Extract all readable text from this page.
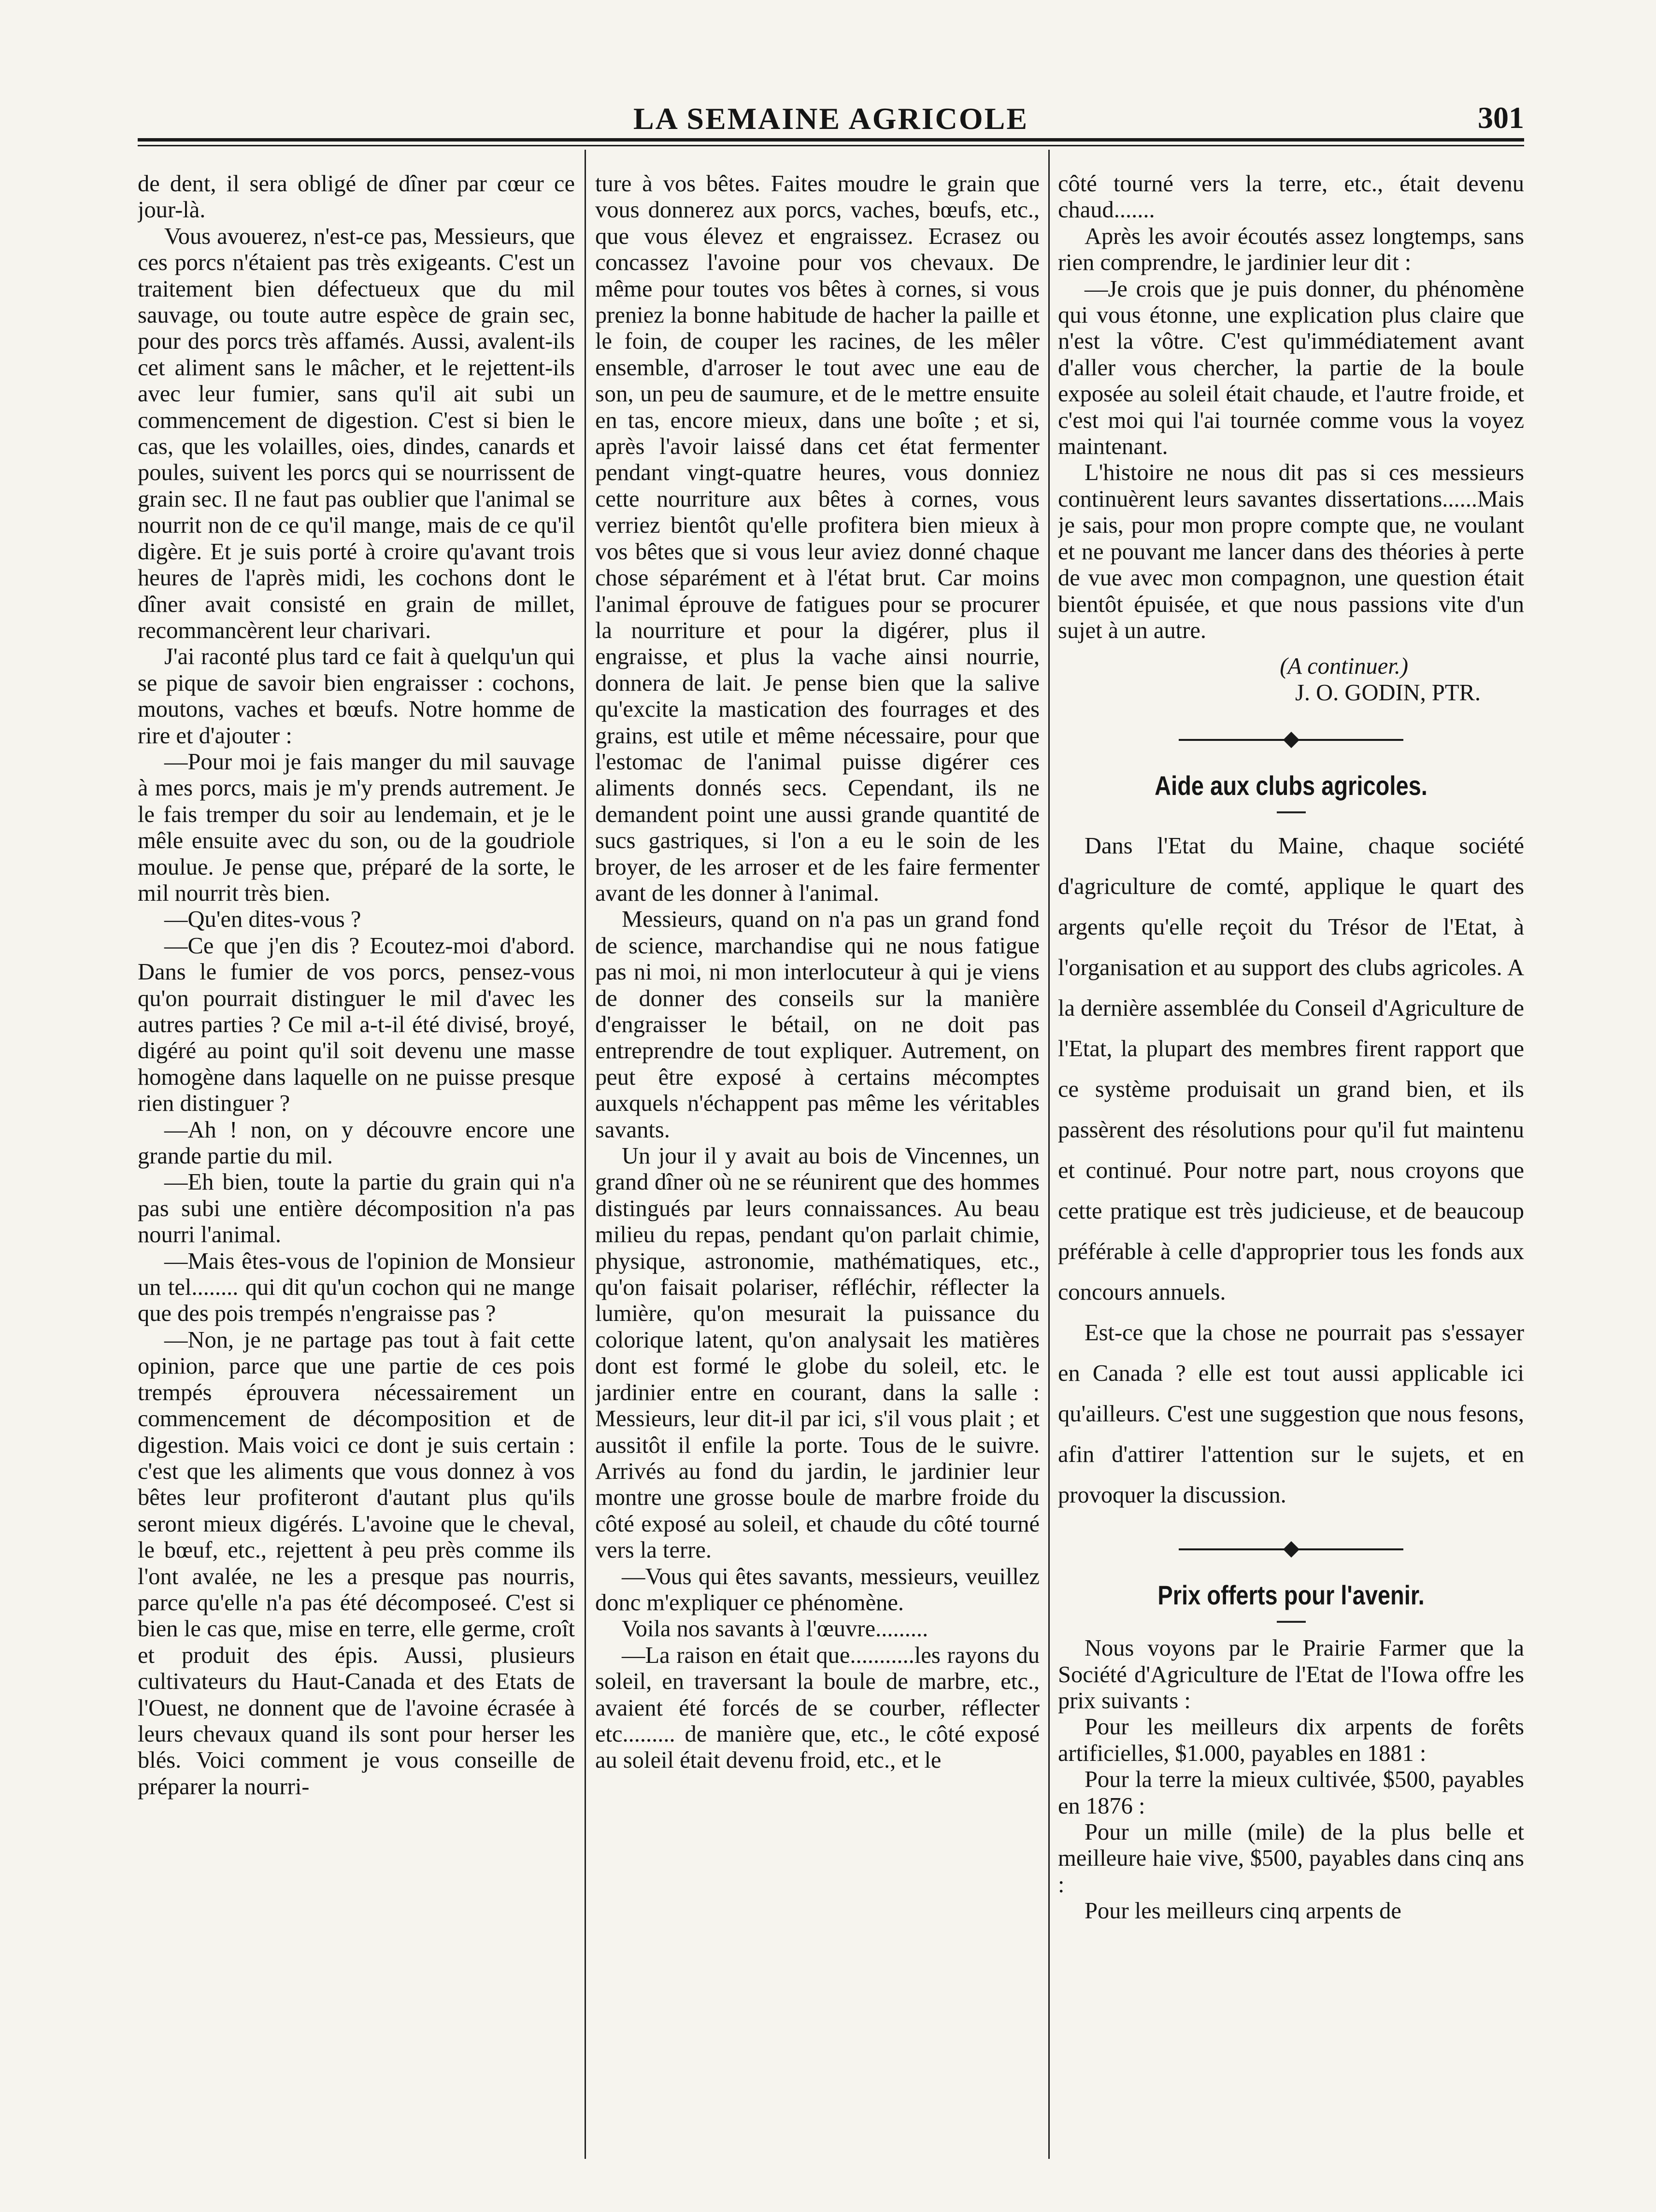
LA SEMAINE AGRICOLE	301

de dent, il sera obligé de dîner par cœur ce jour-là.

Vous avouerez, n'est-ce pas, Messieurs, que ces porcs n'étaient pas très exigeants. C'est un traitement bien défectueux que du mil sauvage, ou toute autre espèce de grain sec, pour des porcs très affamés. Aussi, avalent-ils cet aliment sans le mâcher, et le rejettent-ils avec leur fumier, sans qu'il ait subi un commencement de digestion. C'est si bien le cas, que les volailles, oies, dindes, canards et poules, suivent les porcs qui se nourrissent de grain sec. Il ne faut pas oublier que l'animal se nourrit non de ce qu'il mange, mais de ce qu'il digère. Et je suis porté à croire qu'avant trois heures de l'après midi, les cochons dont le dîner avait consisté en grain de millet, recommancèrent leur charivari.

J'ai raconté plus tard ce fait à quelqu'un qui se pique de savoir bien engraisser : cochons, moutons, vaches et bœufs. Notre homme de rire et d'ajouter :

—Pour moi je fais manger du mil sauvage à mes porcs, mais je m'y prends autrement. Je le fais tremper du soir au lendemain, et je le mêle ensuite avec du son, ou de la goudriole moulue. Je pense que, préparé de la sorte, le mil nourrit très bien.

—Qu'en dites-vous ?

—Ce que j'en dis ? Ecoutez-moi d'abord. Dans le fumier de vos porcs, pensez-vous qu'on pourrait distinguer le mil d'avec les autres parties ? Ce mil a-t-il été divisé, broyé, digéré au point qu'il soit devenu une masse homogène dans laquelle on ne puisse presque rien distinguer ?

—Ah ! non, on y découvre encore une grande partie du mil.

—Eh bien, toute la partie du grain qui n'a pas subi une entière décomposition n'a pas nourri l'animal.

—Mais êtes-vous de l'opinion de Monsieur un tel........ qui dit qu'un cochon qui ne mange que des pois trempés n'engraisse pas ?

—Non, je ne partage pas tout à fait cette opinion, parce que une partie de ces pois trempés éprouvera nécessairement un commencement de décomposition et de digestion. Mais voici ce dont je suis certain : c'est que les aliments que vous donnez à vos bêtes leur profiteront d'autant plus qu'ils seront mieux digérés. L'avoine que le cheval, le bœuf, etc., rejettent à peu près comme ils l'ont avalée, ne les a presque pas nourris, parce qu'elle n'a pas été décomposeé. C'est si bien le cas que, mise en terre, elle germe, croît et produit des épis. Aussi, plusieurs cultivateurs du Haut-Canada et des Etats de l'Ouest, ne donnent que de l'avoine écrasée à leurs chevaux quand ils sont pour herser les blés. Voici comment je vous conseille de préparer la nourri-

ture à vos bêtes. Faites moudre le grain que vous donnerez aux porcs, vaches, bœufs, etc., que vous élevez et engraissez. Ecrasez ou concassez l'avoine pour vos chevaux. De même pour toutes vos bêtes à cornes, si vous preniez la bonne habitude de hacher la paille et le foin, de couper les racines, de les mêler ensemble, d'arroser le tout avec une eau de son, un peu de saumure, et de le mettre ensuite en tas, encore mieux, dans une boîte ; et si, après l'avoir laissé dans cet état fermenter pendant vingt-quatre heures, vous donniez cette nourriture aux bêtes à cornes, vous verriez bientôt qu'elle profitera bien mieux à vos bêtes que si vous leur aviez donné chaque chose séparément et à l'état brut. Car moins l'animal éprouve de fatigues pour se procurer la nourriture et pour la digérer, plus il engraisse, et plus la vache ainsi nourrie, donnera de lait. Je pense bien que la salive qu'excite la mastication des fourrages et des grains, est utile et même nécessaire, pour que l'estomac de l'animal puisse digérer ces aliments donnés secs. Cependant, ils ne demandent point une aussi grande quantité de sucs gastriques, si l'on a eu le soin de les broyer, de les arroser et de les faire fermenter avant de les donner à l'animal.

Messieurs, quand on n'a pas un grand fond de science, marchandise qui ne nous fatigue pas ni moi, ni mon interlocuteur à qui je viens de donner des conseils sur la manière d'engraisser le bétail, on ne doit pas entreprendre de tout expliquer. Autrement, on peut être exposé à certains mécomptes auxquels n'échappent pas même les véritables savants.

Un jour il y avait au bois de Vincennes, un grand dîner où ne se réunirent que des hommes distingués par leurs connaissances. Au beau milieu du repas, pendant qu'on parlait chimie, physique, astronomie, mathématiques, etc., qu'on faisait polariser, réfléchir, réflecter la lumière, qu'on mesurait la puissance du colorique latent, qu'on analysait les matières dont est formé le globe du soleil, etc. le jardinier entre en courant, dans la salle : Messieurs, leur dit-il par ici, s'il vous plait ; et aussitôt il enfile la porte. Tous de le suivre. Arrivés au fond du jardin, le jardinier leur montre une grosse boule de marbre froide du côté exposé au soleil, et chaude du côté tourné vers la terre.

—Vous qui êtes savants, messieurs, veuillez donc m'expliquer ce phénomène.

Voila nos savants à l'œuvre.........

—La raison en était que...........les rayons du soleil, en traversant la boule de marbre, etc., avaient été forcés de se courber, réflecter etc......... de manière que, etc., le côté exposé au soleil était devenu froid, etc., et le

côté tourné vers la terre, etc., était devenu chaud.......

Après les avoir écoutés assez longtemps, sans rien comprendre, le jardinier leur dit :

—Je crois que je puis donner, du phénomène qui vous étonne, une explication plus claire que n'est la vôtre. C'est qu'immédiatement avant d'aller vous chercher, la partie de la boule exposée au soleil était chaude, et l'autre froide, et c'est moi qui l'ai tournée comme vous la voyez maintenant.

L'histoire ne nous dit pas si ces messieurs continuèrent leurs savantes dissertations......Mais je sais, pour mon propre compte que, ne voulant et ne pouvant me lancer dans des théories à perte de vue avec mon compagnon, une question était bientôt épuisée, et que nous passions vite d'un sujet à un autre.

(A continuer.)

J. O. GODIN, PTR.

Aide aux clubs agricoles.

Dans l'Etat du Maine, chaque société d'agriculture de comté, applique le quart des argents qu'elle reçoit du Trésor de l'Etat, à l'organisation et au support des clubs agricoles. A la dernière assemblée du Conseil d'Agriculture de l'Etat, la plupart des membres firent rapport que ce système produisait un grand bien, et ils passèrent des résolutions pour qu'il fut maintenu et continué. Pour notre part, nous croyons que cette pratique est très judicieuse, et de beaucoup préférable à celle d'approprier tous les fonds aux concours annuels.

Est-ce que la chose ne pourrait pas s'essayer en Canada ? elle est tout aussi applicable ici qu'ailleurs. C'est une suggestion que nous fesons, afin d'attirer l'attention sur le sujets, et en provoquer la discussion.

Prix offerts pour l'avenir.

Nous voyons par le Prairie Farmer que la Société d'Agriculture de l'Etat de l'Iowa offre les prix suivants :

Pour les meilleurs dix arpents de forêts artificielles, $1.000, payables en 1881 :

Pour la terre la mieux cultivée, $500, payables en 1876 :

Pour un mille (mile) de la plus belle et meilleure haie vive, $500, payables dans cinq ans :

Pour les meilleurs cinq arpents de
